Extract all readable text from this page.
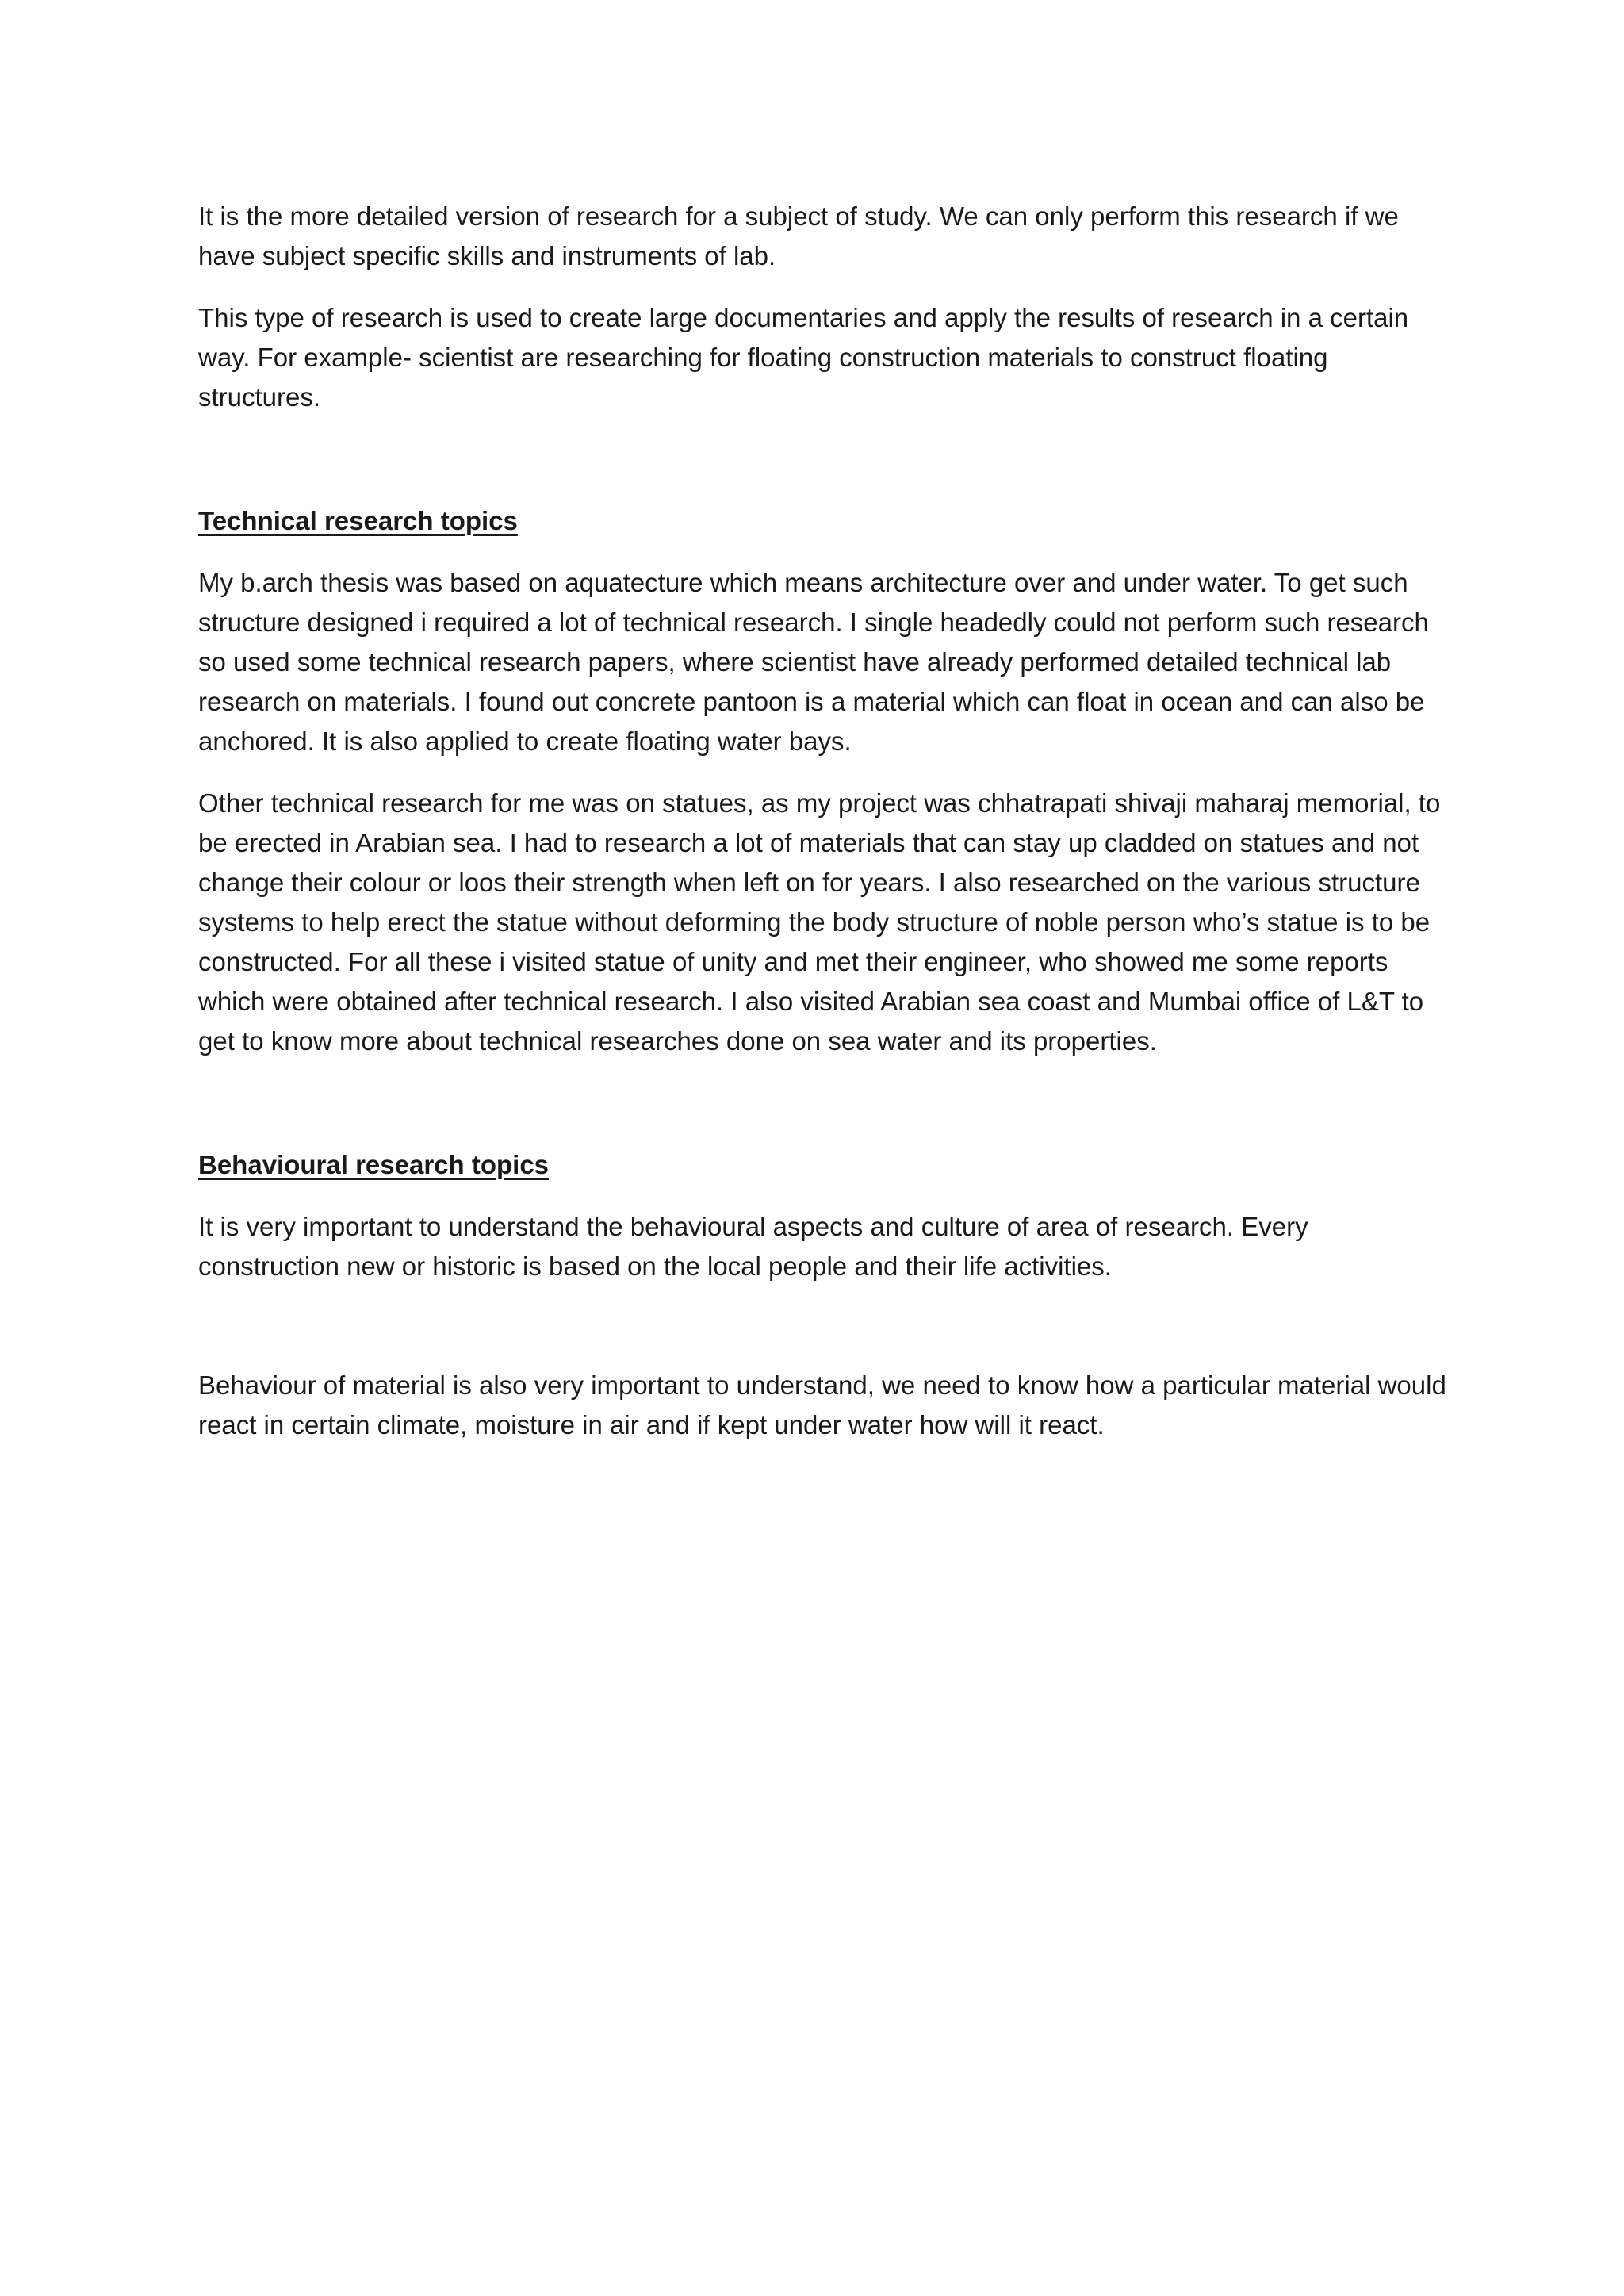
It is the more detailed version of research for a subject of study. We can only perform this research if we have subject specific skills and instruments of lab.

This type of research is used to create large documentaries and apply the results of research in a certain way. For example- scientist are researching for floating construction materials to construct floating structures.

Technical research topics

My b.arch thesis was based on aquatecture which means architecture over and under water. To get such structure designed i required a lot of technical research. I single headedly could not perform such research so used some technical research papers, where scientist have already performed detailed technical lab research on materials. I found out concrete pantoon is a material which can float in ocean and can also be anchored. It is also applied to create floating water bays.

Other technical research for me was on statues, as my project was chhatrapati shivaji maharaj memorial, to be erected in Arabian sea. I had to research a lot of materials that can stay up cladded on statues and not change their colour or loos their strength when left on for years. I also researched on the various structure systems to help erect the statue without deforming the body structure of noble person who’s statue is to be constructed. For all these i visited statue of unity and met their engineer, who showed me some reports which were obtained after technical research. I also visited Arabian sea coast and Mumbai office of L&T to get to know more about technical researches done on sea water and its properties.

Behavioural research topics

It is very important to understand the behavioural aspects and culture of area of research. Every construction new or historic is based on the local people and their life activities.

Behaviour of material is also very important to understand, we need to know how a particular material would react in certain climate, moisture in air and if kept under water how will it react.
